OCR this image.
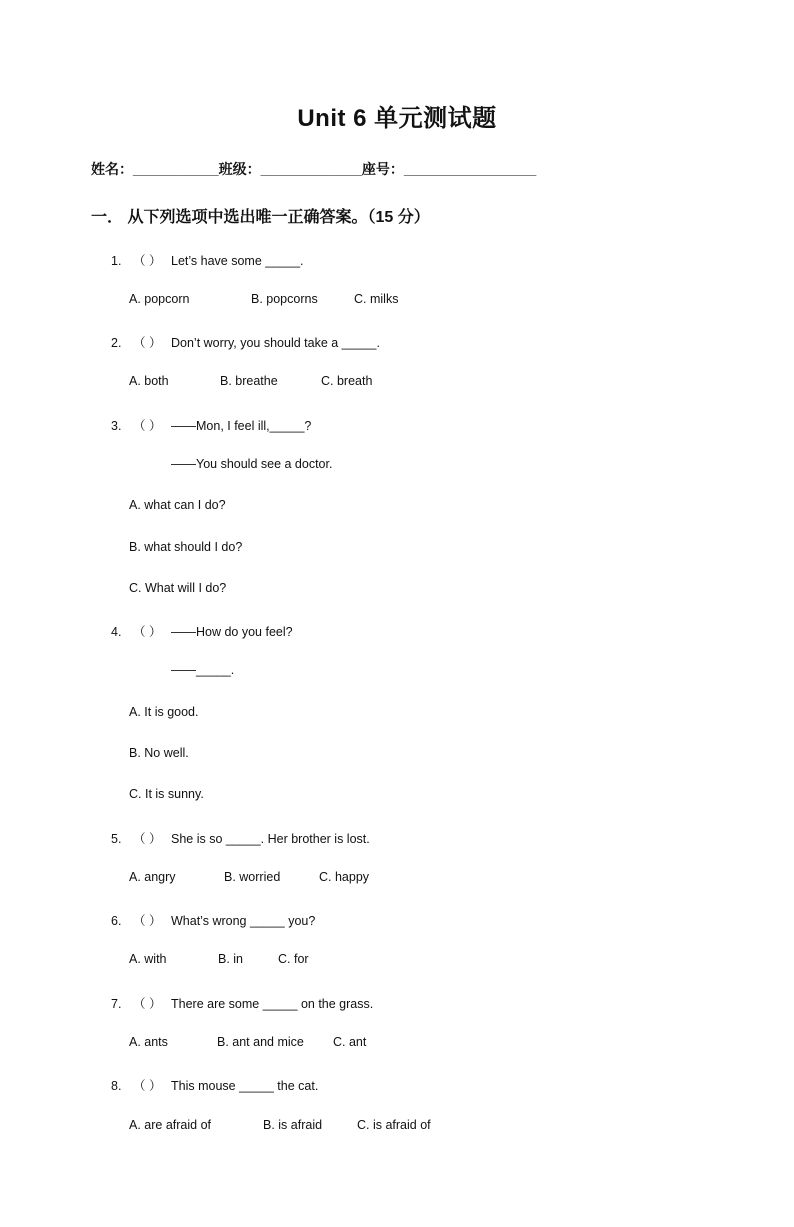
Unit 6 单元测试题
姓名：___________班级：_____________座号：_________________
一． 从下列选项中选出唯一正确答案。（15 分）
1. （ ） Let’s have some _____.
A. popcorn	B. popcorns	C. milks
2. （ ） Don’t worry, you should take a _____.
A. both	B. breathe	C. breath
3. （ ） ——Mon, I feel ill,_____?
——You should see a doctor.
A. what can I do?
B. what should I do?
C. What will I do?
4. （ ） ——How do you feel?
——_____.
A. It is good.
B. No well.
C. It is sunny.
5. （ ） She is so _____. Her brother is lost.
A. angry	B. worried	C. happy
6. （ ） What’s wrong _____ you?
A. with	B. in	C. for
7. （ ） There are some _____ on the grass.
A. ants	B. ant and mice C. ant
8. （ ） This mouse _____ the cat.
A. are afraid of	B. is afraid	C. is afraid of
